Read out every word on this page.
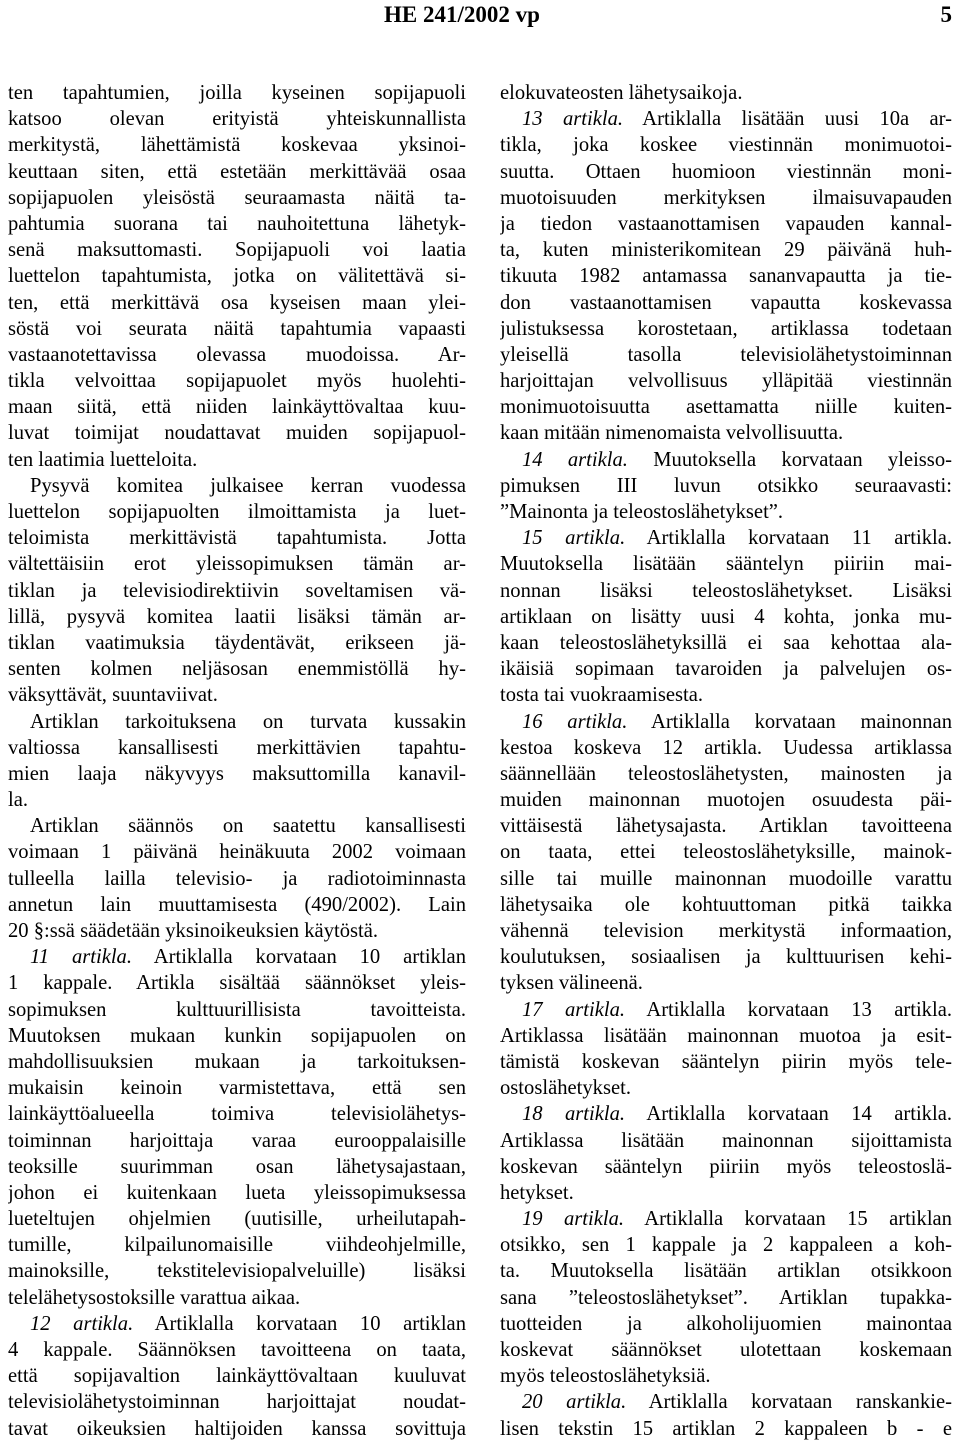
HE 241/2002 vp	5
ten tapahtumien, joilla kyseinen sopijapuoli
katsoo olevan erityistä yhteiskunnallista
merkitystä, lähettämistä koskevaa yksinoi-
keuttaan siten, että estetään merkittävää osaa
sopijapuolen yleisöstä seuraamasta näitä ta-
pahtumia suorana tai nauhoitettuna lähetyk-
senä maksuttomasti. Sopijapuoli voi laatia
luettelon tapahtumista, jotka on välitettävä si-
ten, että merkittävä osa kyseisen maan ylei-
söstä voi seurata näitä tapahtumia vapaasti
vastaanotettavissa olevassa muodoissa. Ar-
tikla velvoittaa sopijapuolet myös huolehti-
maan siitä, että niiden lainkäyttövaltaa kuu-
luvat toimijat noudattavat muiden sopijapuol-
ten laatimia luetteloita.
Pysyvä komitea julkaisee kerran vuodessa
luettelon sopijapuolten ilmoittamista ja luet-
teloimista merkittävistä tapahtumista. Jotta
vältettäisiin erot yleissopimuksen tämän ar-
tiklan ja televisiodirektiivin soveltamisen vä-
lillä, pysyvä komitea laatii lisäksi tämän ar-
tiklan vaatimuksia täydentävät, erikseen jä-
senten kolmen neljäsosan enemmistöllä hy-
väksyttävät, suuntaviivat.
Artiklan tarkoituksena on turvata kussakin
valtiossa kansallisesti merkittävien tapahtu-
mien laaja näkyvyys maksuttomilla kanavil-
la.
Artiklan säännös on saatettu kansallisesti
voimaan 1 päivänä heinäkuuta 2002 voimaan
tulleella lailla televisio- ja radiotoiminnasta
annetun lain muuttamisesta (490/2002). Lain
20 §:ssä säädetään yksinoikeuksien käytöstä.
11 artikla. Artiklalla korvataan 10 artiklan
1 kappale. Artikla sisältää säännökset yleis-
sopimuksen kulttuurillisista tavoitteista.
Muutoksen mukaan kunkin sopijapuolen on
mahdollisuuksien mukaan ja tarkoituksen-
mukaisin keinoin varmistettava, että sen
lainkäyttöalueella toimiva televisiolähetys-
toiminnan harjoittaja varaa eurooppalaisille
teoksille suurimman osan lähetysajastaan,
johon ei kuitenkaan lueta yleissopimuksessa
lueteltujen ohjelmien (uutisille, urheilutapah-
tumille, kilpailunomaisille viihdeohjelmille,
mainoksille, tekstitelevisiopalveluille) lisäksi
telelähetysostoksille varattua aikaa.
12 artikla. Artiklalla korvataan 10 artiklan
4 kappale. Säännöksen tavoitteena on taata,
että sopijavaltion lainkäyttövaltaan kuuluvat
televisiolähetystoiminnan harjoittajat noudat-
tavat oikeuksien haltijoiden kanssa sovittuja
elokuvateosten lähetysaikoja.
13 artikla. Artiklalla lisätään uusi 10a ar-
tikla, joka koskee viestinnän monimuotoi-
suutta. Ottaen huomioon viestinnän moni-
muotoisuuden merkityksen ilmaisuvapauden
ja tiedon vastaanottamisen vapauden kannal-
ta, kuten ministerikomitean 29 päivänä huh-
tikuuta 1982 antamassa sananvapautta ja tie-
don vastaanottamisen vapautta koskevassa
julistuksessa korostetaan, artiklassa todetaan
yleisellä tasolla televisiolähetystoiminnan
harjoittajan velvollisuus ylläpitää viestinnän
monimuotoisuutta asettamatta niille kuiten-
kaan mitään nimenomaista velvollisuutta.
14 artikla. Muutoksella korvataan yleisso-
pimuksen III luvun otsikko seuraavasti:
”Mainonta ja teleostoslähetykset”.
15 artikla. Artiklalla korvataan 11 artikla.
Muutoksella lisätään sääntelyn piiriin mai-
nonnan lisäksi teleostoslähetykset. Lisäksi
artiklaan on lisätty uusi 4 kohta, jonka mu-
kaan teleostoslähetyksillä ei saa kehottaa ala-
ikäisiä sopimaan tavaroiden ja palvelujen os-
tosta tai vuokraamisesta.
16 artikla. Artiklalla korvataan mainonnan
kestoa koskeva 12 artikla. Uudessa artiklassa
säännellään teleostoslähetysten, mainosten ja
muiden mainonnan muotojen osuudesta päi-
vittäisestä lähetysajasta. Artiklan tavoitteena
on taata, ettei teleostoslähetyksille, mainok-
sille tai muille mainonnan muodoille varattu
lähetysaika ole kohtuuttoman pitkä taikka
vähennä television merkitystä informaation,
koulutuksen, sosiaalisen ja kulttuurisen kehi-
tyksen välineenä.
17 artikla. Artiklalla korvataan 13 artikla.
Artiklassa lisätään mainonnan muotoa ja esit-
tämistä koskevan sääntelyn piirin myös tele-
ostoslähetykset.
18 artikla. Artiklalla korvataan 14 artikla.
Artiklassa lisätään mainonnan sijoittamista
koskevan sääntelyn piiriin myös teleostoslä-
hetykset.
19 artikla. Artiklalla korvataan 15 artiklan
otsikko, sen 1 kappale ja 2 kappaleen a koh-
ta. Muutoksella lisätään artiklan otsikkoon
sana ”teleostoslähetykset”. Artiklan tupakka-
tuotteiden ja alkoholijuomien mainontaa
koskevat säännökset ulotettaan koskemaan
myös teleostoslähetyksiä.
20 artikla. Artiklalla korvataan ranskankie-
lisen tekstin 15 artiklan 2 kappaleen b - e
